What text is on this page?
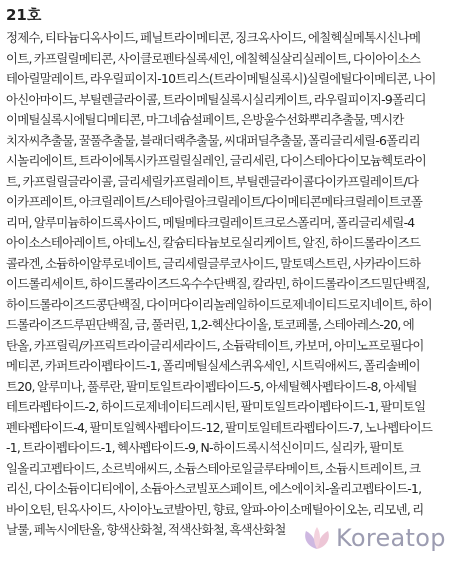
21호
정제수, 티타늄디옥사이드, 페닐트라이메티콘, 징크옥사이드, 에칠헥실메톡시신나메
이트, 카프릴릴메티콘, 사이클로펜타실록세인, 에칠헥실살리실레이트, 다이아이소스
테아릴말레이트, 라우릴피이지-10트리스(트라이메틸실록시)실릴에틸다이메티콘, 나이
아신아마이드, 부틸렌글라이콜, 트라이메틸실록시실리케이트, 라우릴피이지-9폴리디
이메틸실록시에틸디메티콘, 마그네슘설페이트, 은방울수선화뿌리추출물, 멕시칸
치자씨추출물, 꿀풀추출물, 블래더랙추출물, 씨대퍼딜추출물, 폴리글리세릴-6폴리리
시놀리에이트, 트라이에톡시카프릴릴실레인, 글리세린, 다이스테아다이모늄헥토라이
트, 카프릴릴글라이콜, 글리세릴카프릴레이트, 부틸렌글라이콜다이카프릴레이트/다
이카프레이트, 아크릴레이트/스테아릴아크릴레이트/다이메티콘메타크릴레이트코폴
리머, 알루미늄하이드록사이드, 메틸메타크릴레이트크로스폴리머, 폴리글리세릴-4
아이소스테아레이트, 아데노신, 칼슘티타늄보로실리케이트, 알진, 하이드롤라이즈드
콜라겐, 소듐하이알루로네이트, 글리세릴글루코사이드, 말토덱스트린, 사카라이드하
이드롤리세이트, 하이드롤라이즈드옥수수단백질, 칼라민, 하이드롤라이즈드밀단백질,
하이드롤라이즈드콩단백질, 다이머다이리놀레일하이드로제네이티드로지네이트, 하이
드롤라이즈드루핀단백질, 금, 풀러린, 1,2-헥산다이올, 토코페롤, 스테아레스-20, 에
탄올, 카프릴릭/카프릭트라이글리세라이드, 소듐락테이트, 카보머, 아미노프로필다이
메티콘, 카퍼트라이펩타이드-1, 폴리메틸실세스퀴옥세인, 시트릭애씨드, 폴리솔베이
트20, 알루미나, 풀루란, 팔미토일트라이펩타이드-5, 아세틸헥사펩타이드-8, 아세틸
테트라펩타이드-2, 하이드로제네이티드레시틴, 팔미토일트라이펩타이드-1, 팔미토일
펜타펩타이드-4, 팔미토일헥사펩타이드-12, 팔미토일테트라펩타이드-7, 노나펩타이드
-1, 트라이펩타이드-1, 헥사펩타이드-9, N-하이드록시석신이미드, 실리카, 팔미토
일올리고펩타이드, 소르빅애씨드, 소듐스테아로일글루타메이트, 소듐시트레이트, 크
리신, 다이소듐이디티에이, 소듐아스코빌포스페이트, 에스에이치-올리고펩타이드-1,
바이오틴, 틴옥사이드, 사이아노코발아민, 향료, 알파-아이소메틸아이오논, 리모넨, 리
날룰, 페녹시에탄올, 향색산화철, 적색산화철, 흑색산화철	Koreatop
